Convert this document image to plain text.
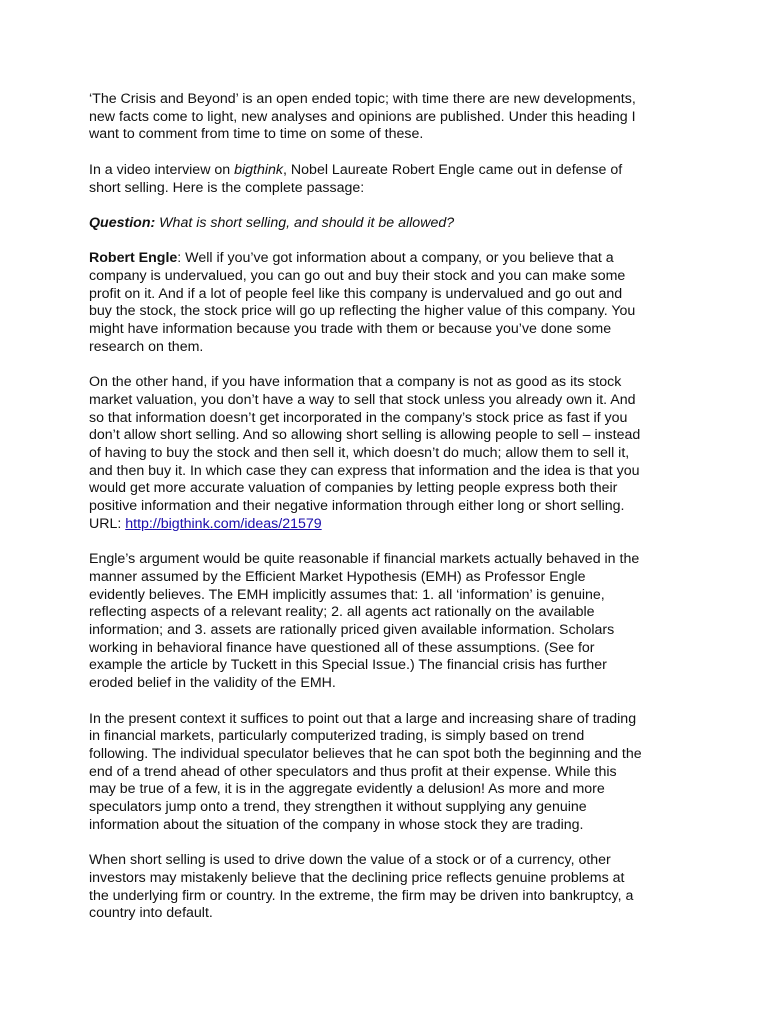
‘The Crisis and Beyond’ is an open ended topic; with time there are new developments,
new facts come to light, new analyses and opinions are published. Under this heading I
want to comment from time to time on some of these.

In a video interview on bigthink, Nobel Laureate Robert Engle came out in defense of
short selling. Here is the complete passage:

Question: What is short selling, and should it be allowed?

Robert Engle: Well if you’ve got information about a company, or you believe that a
company is undervalued, you can go out and buy their stock and you can make some
profit on it. And if a lot of people feel like this company is undervalued and go out and
buy the stock, the stock price will go up reflecting the higher value of this company. You
might have information because you trade with them or because you’ve done some
research on them.

On the other hand, if you have information that a company is not as good as its stock
market valuation, you don’t have a way to sell that stock unless you already own it. And
so that information doesn’t get incorporated in the company’s stock price as fast if you
don’t allow short selling. And so allowing short selling is allowing people to sell – instead
of having to buy the stock and then sell it, which doesn’t do much; allow them to sell it,
and then buy it. In which case they can express that information and the idea is that you
would get more accurate valuation of companies by letting people express both their
positive information and their negative information through either long or short selling.
URL: http://bigthink.com/ideas/21579

Engle’s argument would be quite reasonable if financial markets actually behaved in the
manner assumed by the Efficient Market Hypothesis (EMH) as Professor Engle
evidently believes. The EMH implicitly assumes that: 1. all ‘information’ is genuine,
reflecting aspects of a relevant reality; 2. all agents act rationally on the available
information; and 3. assets are rationally priced given available information. Scholars
working in behavioral finance have questioned all of these assumptions. (See for
example the article by Tuckett in this Special Issue.) The financial crisis has further
eroded belief in the validity of the EMH.

In the present context it suffices to point out that a large and increasing share of trading
in financial markets, particularly computerized trading, is simply based on trend
following. The individual speculator believes that he can spot both the beginning and the
end of a trend ahead of other speculators and thus profit at their expense. While this
may be true of a few, it is in the aggregate evidently a delusion! As more and more
speculators jump onto a trend, they strengthen it without supplying any genuine
information about the situation of the company in whose stock they are trading.

When short selling is used to drive down the value of a stock or of a currency, other
investors may mistakenly believe that the declining price reflects genuine problems at
the underlying firm or country. In the extreme, the firm may be driven into bankruptcy, a
country into default.
